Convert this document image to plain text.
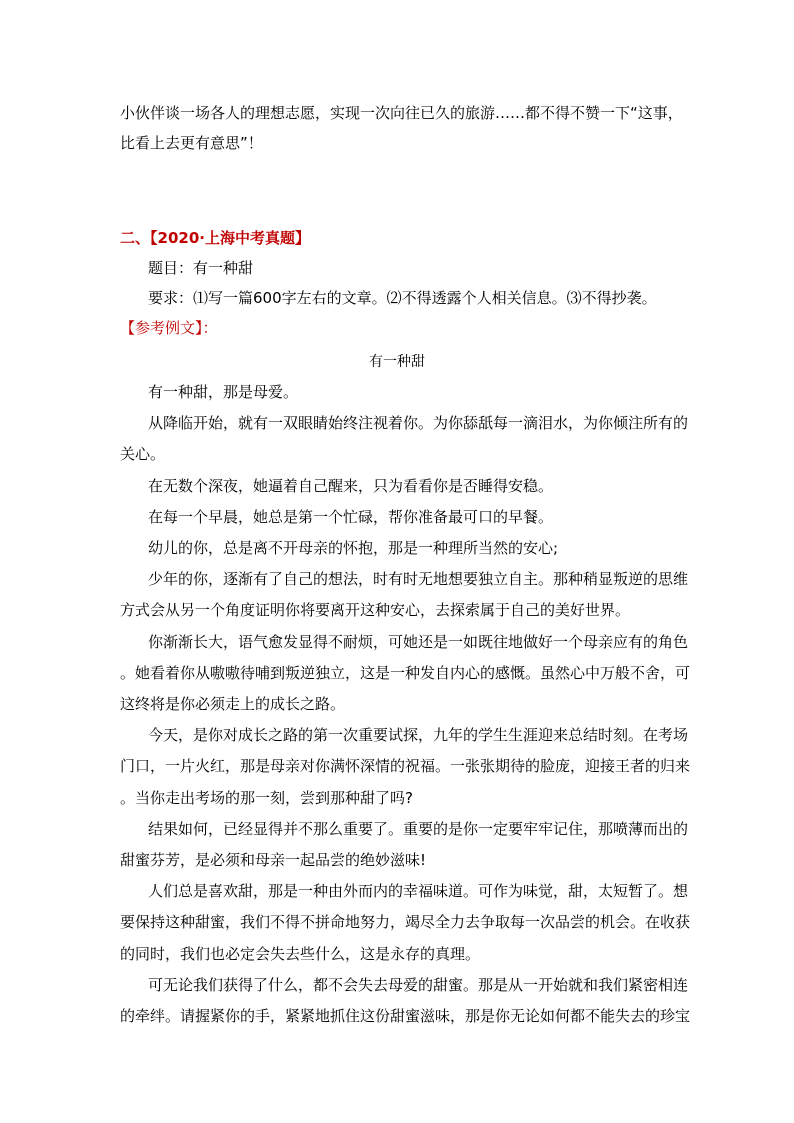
小伙伴谈一场各人的理想志愿，实现一次向往已久的旅游……都不得不赞一下“这事，
比看上去更有意思”！
二、【2020·上海中考真题】
题目：有一种甜
要求：⑴写一篇600字左右的文章。⑵不得透露个人相关信息。⑶不得抄袭。
【参考例文】：
有一种甜
有一种甜，那是母爱。
从降临开始，就有一双眼睛始终注视着你。为你舔舐每一滴泪水，为你倾注所有的
关心。
在无数个深夜，她逼着自己醒来，只为看看你是否睡得安稳。
在每一个早晨，她总是第一个忙碌，帮你准备最可口的早餐。
幼儿的你，总是离不开母亲的怀抱，那是一种理所当然的安心;
少年的你，逐渐有了自己的想法，时有时无地想要独立自主。那种稍显叛逆的思维
方式会从另一个角度证明你将要离开这种安心，去探索属于自己的美好世界。
你渐渐长大，语气愈发显得不耐烦，可她还是一如既往地做好一个母亲应有的角色
。她看着你从嗷嗷待哺到叛逆独立，这是一种发自内心的感慨。虽然心中万般不舍，可
这终将是你必须走上的成长之路。
今天，是你对成长之路的第一次重要试探，九年的学生生涯迎来总结时刻。在考场
门口，一片火红，那是母亲对你满怀深情的祝福。一张张期待的脸庞，迎接王者的归来
。当你走出考场的那一刻，尝到那种甜了吗?
结果如何，已经显得并不那么重要了。重要的是你一定要牢牢记住，那喷薄而出的
甜蜜芬芳，是必须和母亲一起品尝的绝妙滋味!
人们总是喜欢甜，那是一种由外而内的幸福味道。可作为味觉，甜，太短暂了。想
要保持这种甜蜜，我们不得不拼命地努力，竭尽全力去争取每一次品尝的机会。在收获
的同时，我们也必定会失去些什么，这是永存的真理。
可无论我们获得了什么，都不会失去母爱的甜蜜。那是从一开始就和我们紧密相连
的牵绊。请握紧你的手，紧紧地抓住这份甜蜜滋味，那是你无论如何都不能失去的珍宝
